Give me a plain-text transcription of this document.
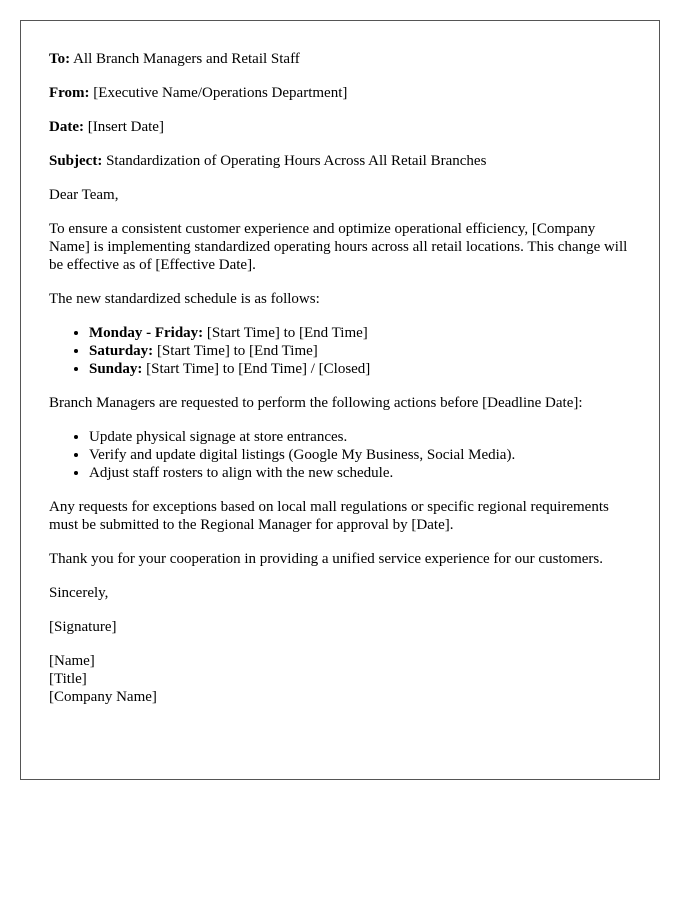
To: All Branch Managers and Retail Staff

From: [Executive Name/Operations Department]

Date: [Insert Date]

Subject: Standardization of Operating Hours Across All Retail Branches

Dear Team,

To ensure a consistent customer experience and optimize operational efficiency, [Company Name] is implementing standardized operating hours across all retail locations. This change will be effective as of [Effective Date].

The new standardized schedule is as follows:

• Monday - Friday: [Start Time] to [End Time]
• Saturday: [Start Time] to [End Time]
• Sunday: [Start Time] to [End Time] / [Closed]

Branch Managers are requested to perform the following actions before [Deadline Date]:

• Update physical signage at store entrances.
• Verify and update digital listings (Google My Business, Social Media).
• Adjust staff rosters to align with the new schedule.

Any requests for exceptions based on local mall regulations or specific regional requirements must be submitted to the Regional Manager for approval by [Date].

Thank you for your cooperation in providing a unified service experience for our customers.

Sincerely,

[Signature]

[Name]

[Title]

[Company Name]
